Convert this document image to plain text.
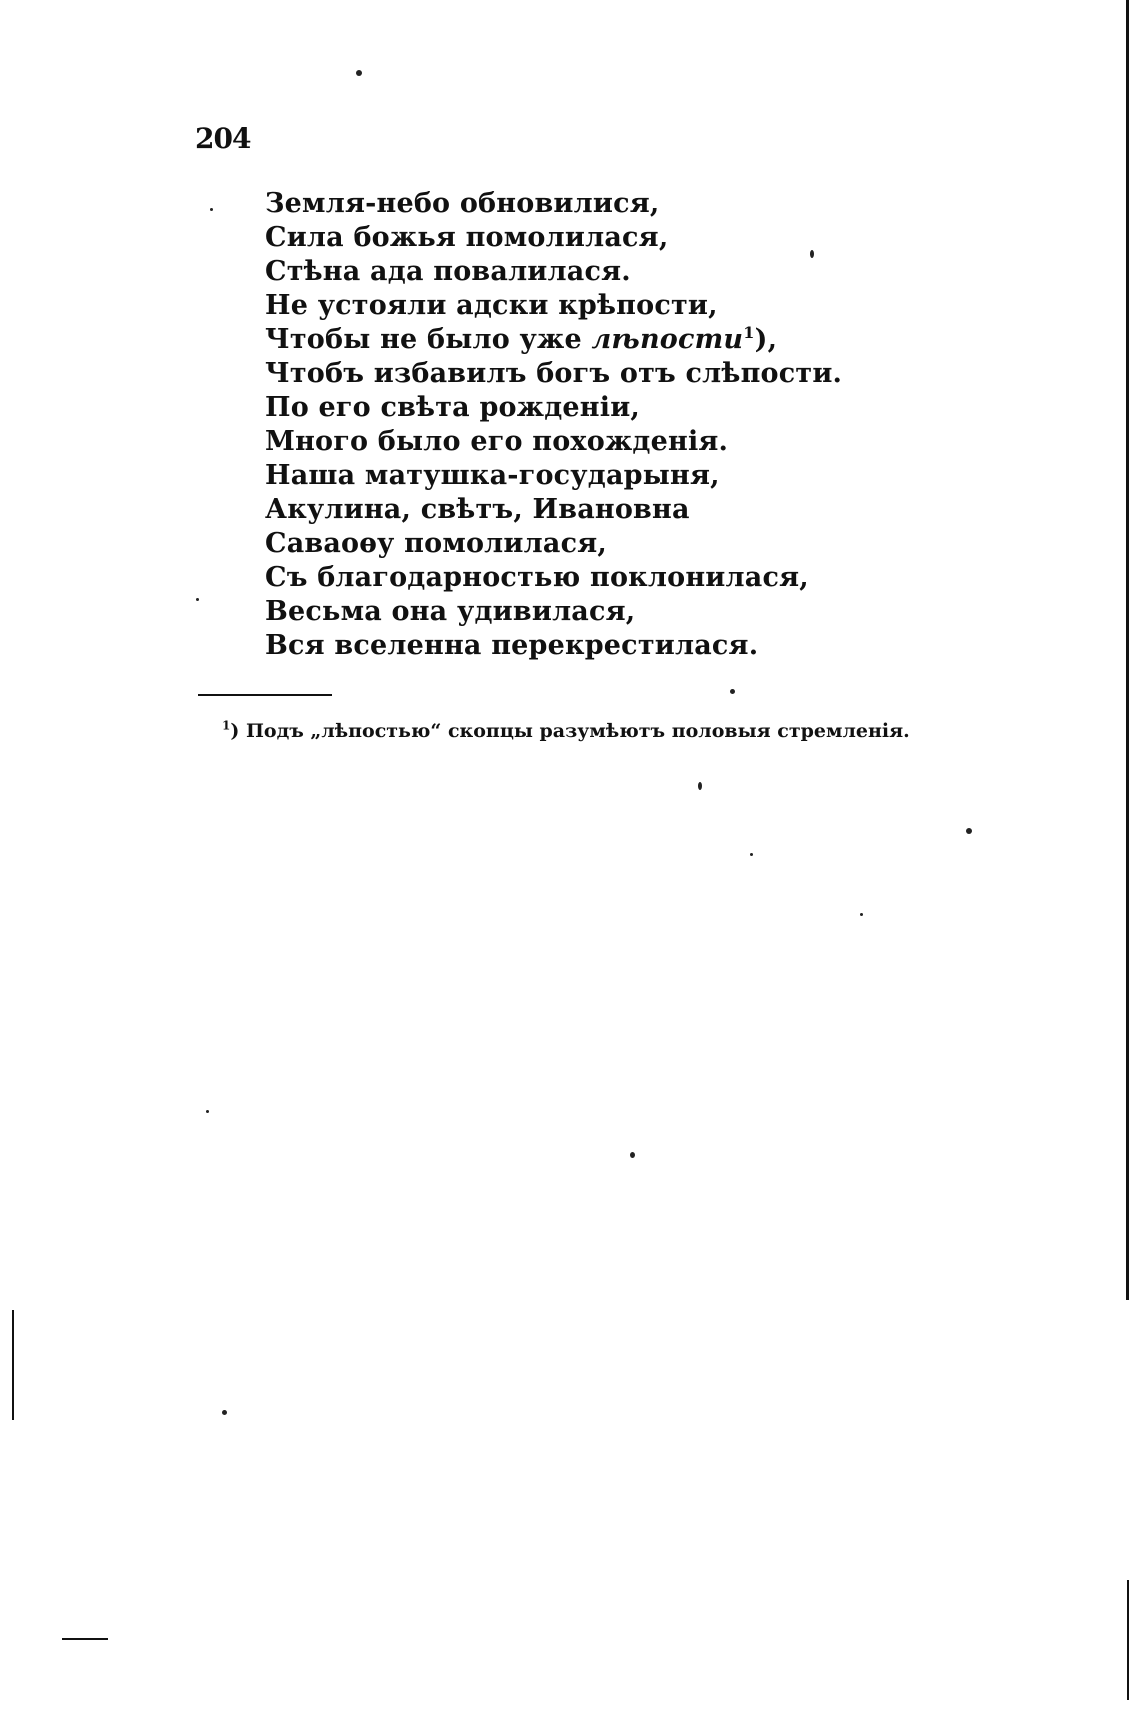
204
Земля-небо обновилися,
Сила божья помолилася,
Стѣна ада повалилася.
Не устояли адски крѣпости,
Чтобы не было уже лѣпости$^1$),
Чтобъ избавилъ богъ отъ слѣпости.
По его свѣта рожденіи,
Много было его похожденія.
Наша матушка-государыня,
Акулина, свѣтъ, Ивановна
Саваоѳу помолилася,
Съ благодарностью поклонилася,
Весьма она удивилася,
Вся вселенна перекрестилася.
$^1$) Подъ „лѣпостью“ скопцы разумѣютъ половыя стремленія.
